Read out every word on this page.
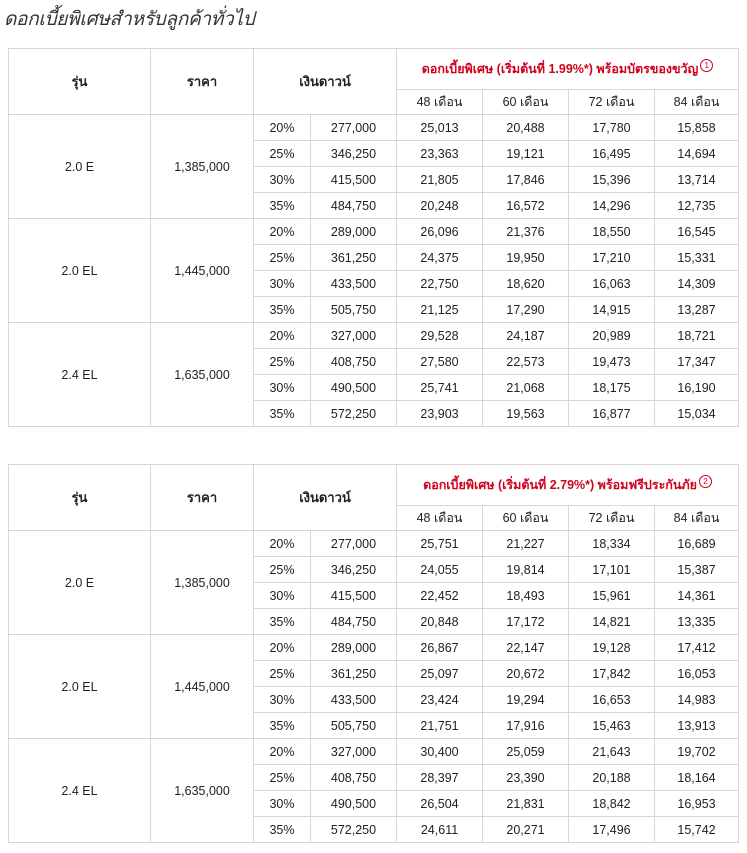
ดอกเบี้ยพิเศษสำหรับลูกค้าทั่วไป
รุ่น	ราคา	เงินดาวน์		ดอกเบี้ยพิเศษ (เริ่มต้นที่ 1.99%*) พร้อมบัตรของขวัญ 1			
				48 เดือน	60 เดือน	72 เดือน	84 เดือน
2.0 E	1,385,000	20%	277,000	25,013	20,488	17,780	15,858
		25%	346,250	23,363	19,121	16,495	14,694
		30%	415,500	21,805	17,846	15,396	13,714
		35%	484,750	20,248	16,572	14,296	12,735
2.0 EL	1,445,000	20%	289,000	26,096	21,376	18,550	16,545
		25%	361,250	24,375	19,950	17,210	15,331
		30%	433,500	22,750	18,620	16,063	14,309
		35%	505,750	21,125	17,290	14,915	13,287
2.4 EL	1,635,000	20%	327,000	29,528	24,187	20,989	18,721
		25%	408,750	27,580	22,573	19,473	17,347
		30%	490,500	25,741	21,068	18,175	16,190
		35%	572,250	23,903	19,563	16,877	15,034
รุ่น	ราคา	เงินดาวน์		ดอกเบี้ยพิเศษ (เริ่มต้นที่ 2.79%*) พร้อมฟรีประกันภัย 2			
				48 เดือน	60 เดือน	72 เดือน	84 เดือน
2.0 E	1,385,000	20%	277,000	25,751	21,227	18,334	16,689
		25%	346,250	24,055	19,814	17,101	15,387
		30%	415,500	22,452	18,493	15,961	14,361
		35%	484,750	20,848	17,172	14,821	13,335
2.0 EL	1,445,000	20%	289,000	26,867	22,147	19,128	17,412
		25%	361,250	25,097	20,672	17,842	16,053
		30%	433,500	23,424	19,294	16,653	14,983
		35%	505,750	21,751	17,916	15,463	13,913
2.4 EL	1,635,000	20%	327,000	30,400	25,059	21,643	19,702
		25%	408,750	28,397	23,390	20,188	18,164
		30%	490,500	26,504	21,831	18,842	16,953
		35%	572,250	24,611	20,271	17,496	15,742
